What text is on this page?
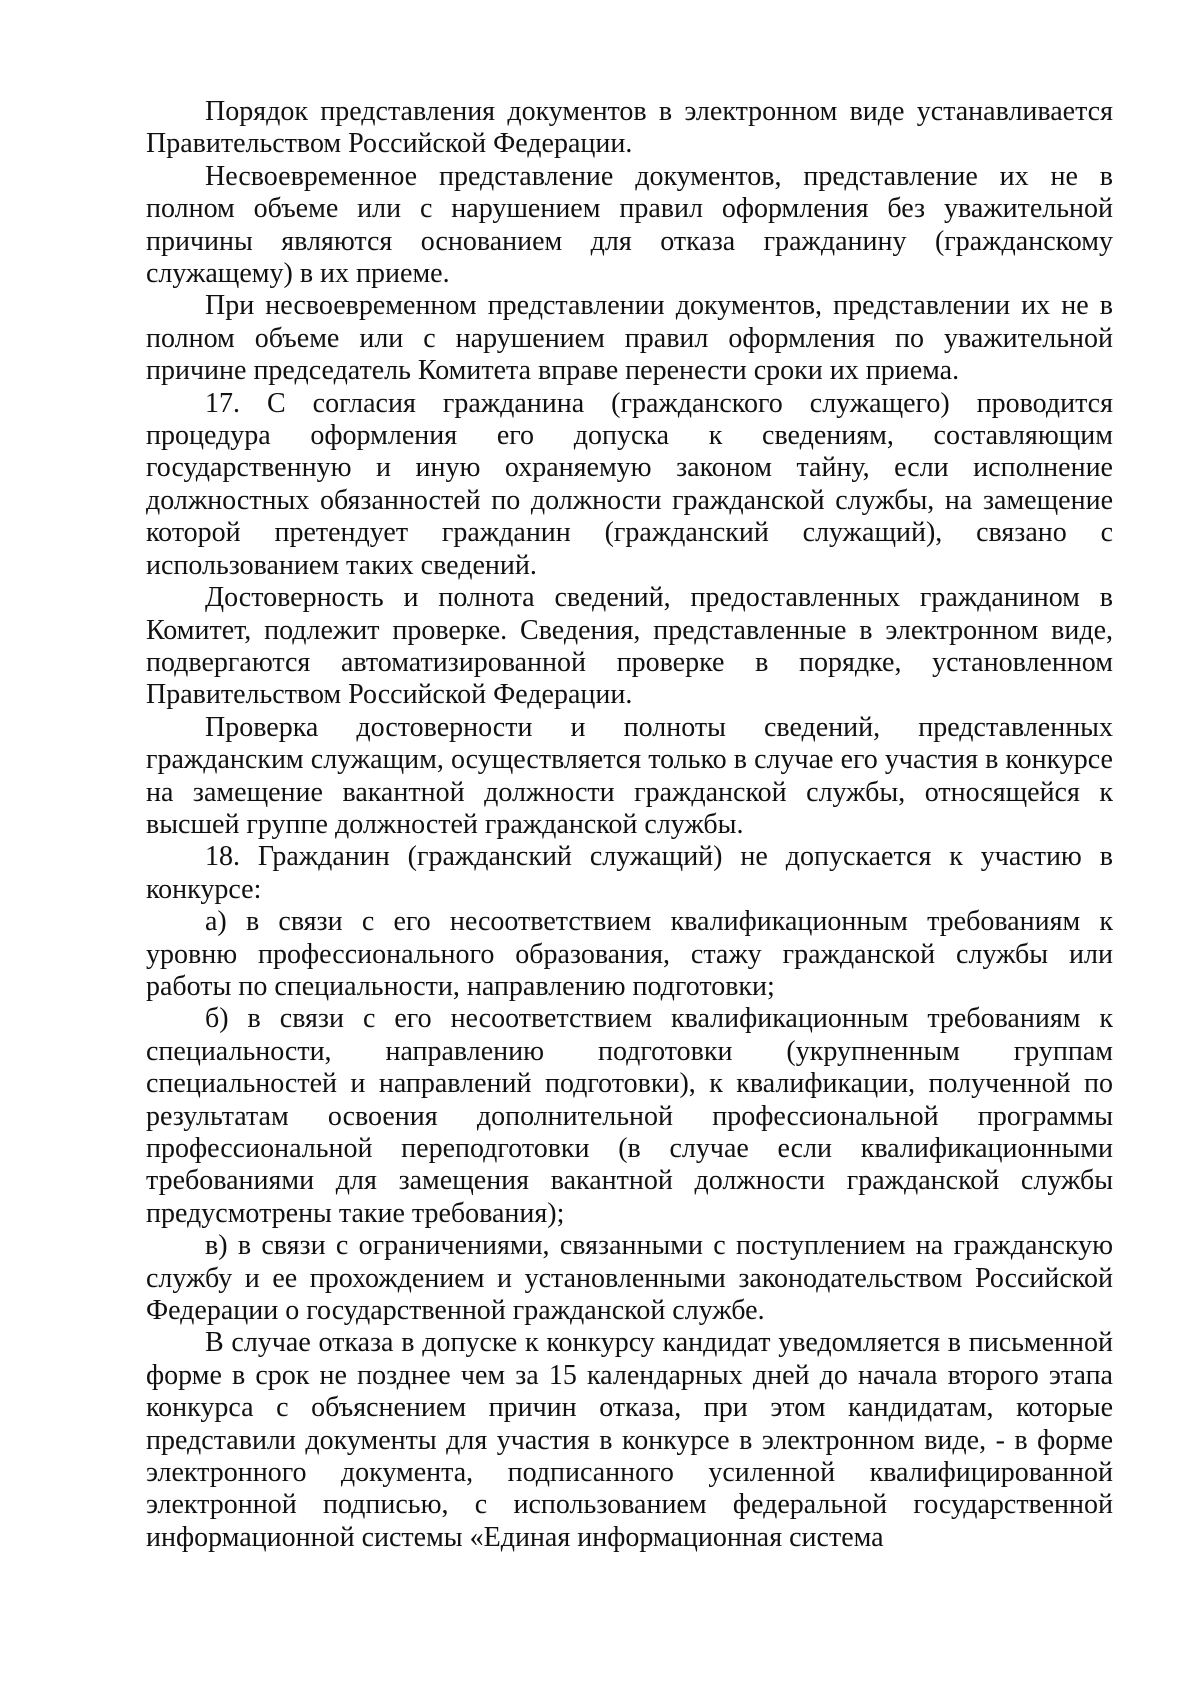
Порядок представления документов в электронном виде устанавливается Правительством Российской Федерации.

Несвоевременное представление документов, представление их не в полном объеме или с нарушением правил оформления без уважительной причины являются основанием для отказа гражданину (гражданскому служащему) в их приеме.

При несвоевременном представлении документов, представлении их не в полном объеме или с нарушением правил оформления по уважительной причине председатель Комитета вправе перенести сроки их приема.

17. С согласия гражданина (гражданского служащего) проводится процедура оформления его допуска к сведениям, составляющим государственную и иную охраняемую законом тайну, если исполнение должностных обязанностей по должности гражданской службы, на замещение которой претендует гражданин (гражданский служащий), связано с использованием таких сведений.

Достоверность и полнота сведений, предоставленных гражданином в Комитет, подлежит проверке. Сведения, представленные в электронном виде, подвергаются автоматизированной проверке в порядке, установленном Правительством Российской Федерации.

Проверка достоверности и полноты сведений, представленных гражданским служащим, осуществляется только в случае его участия в конкурсе на замещение вакантной должности гражданской службы, относящейся к высшей группе должностей гражданской службы.

18. Гражданин (гражданский служащий) не допускается к участию в конкурсе:

а) в связи с его несоответствием квалификационным требованиям к уровню профессионального образования, стажу гражданской службы или работы по специальности, направлению подготовки;

б) в связи с его несоответствием квалификационным требованиям к специальности, направлению подготовки (укрупненным группам специальностей и направлений подготовки), к квалификации, полученной по результатам освоения дополнительной профессиональной программы профессиональной переподготовки (в случае если квалификационными требованиями для замещения вакантной должности гражданской службы предусмотрены такие требования);

в) в связи с ограничениями, связанными с поступлением на гражданскую службу и ее прохождением и установленными законодательством Российской Федерации о государственной гражданской службе.

В случае отказа в допуске к конкурсу кандидат уведомляется в письменной форме в срок не позднее чем за 15 календарных дней до начала второго этапа конкурса с объяснением причин отказа, при этом кандидатам, которые представили документы для участия в конкурсе в электронном виде, - в форме электронного документа, подписанного усиленной квалифицированной электронной подписью, с использованием федеральной государственной информационной системы «Единая информационная система
